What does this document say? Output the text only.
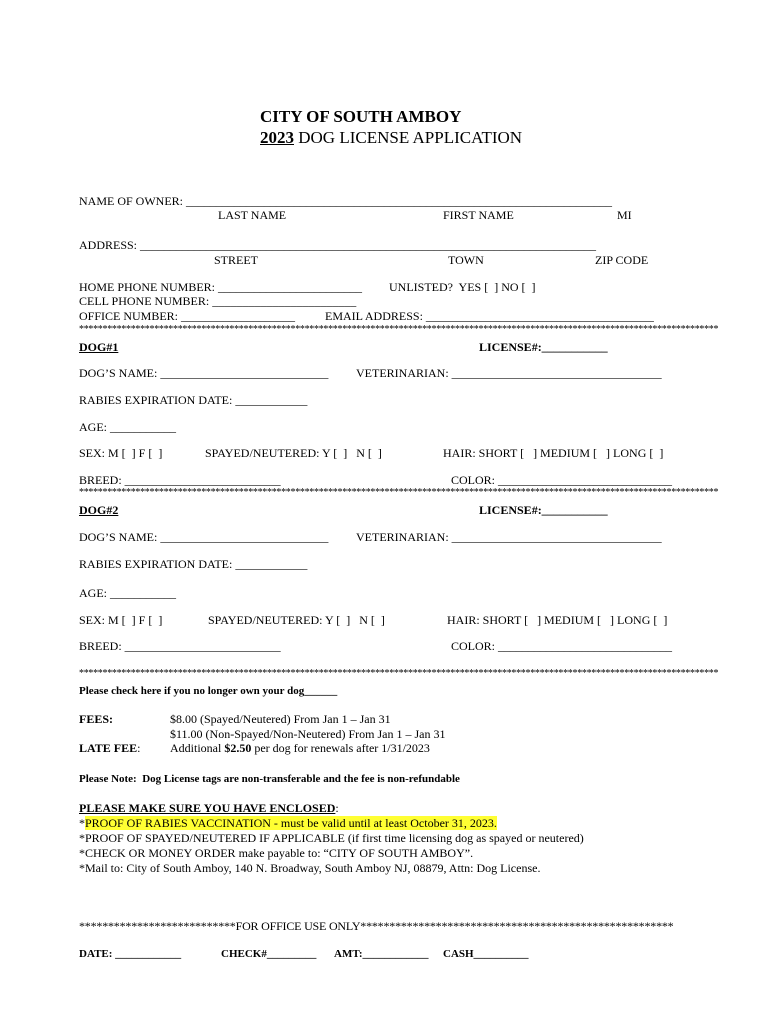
CITY OF SOUTH AMBOY
2023 DOG LICENSE APPLICATION
NAME OF OWNER: _______________________________________________________________________
LAST NAME	FIRST NAME	MI
ADDRESS: ____________________________________________________________________________
STREET	TOWN	ZIP CODE
HOME PHONE NUMBER: ________________________ UNLISTED?  YES [  ] NO [  ]
CELL PHONE NUMBER: ________________________
OFFICE NUMBER: ___________________ EMAIL ADDRESS: ______________________________________
****************************************************************************************************************************************
DOG#1	LICENSE#:___________
DOG’S NAME: ____________________________ VETERINARIAN: ___________________________________
RABIES EXPIRATION DATE: ____________
AGE: ___________
SEX: M [  ] F [  ]	SPAYED/NEUTERED: Y [  ]   N [  ]	HAIR: SHORT [   ] MEDIUM [   ] LONG [  ]
BREED: __________________________	COLOR: _____________________________
****************************************************************************************************************************************
DOG#2	LICENSE#:___________
DOG’S NAME: ____________________________ VETERINARIAN: ___________________________________
RABIES EXPIRATION DATE: ____________
AGE: ___________
SEX: M [  ] F [  ]	SPAYED/NEUTERED: Y [  ]   N [  ]	HAIR: SHORT [   ] MEDIUM [   ] LONG [  ]
BREED: __________________________	COLOR: _____________________________
****************************************************************************************************************************************
Please check here if you no longer own your dog______
FEES:	$8.00 (Spayed/Neutered) From Jan 1 – Jan 31
$11.00 (Non-Spayed/Non-Neutered) From Jan 1 – Jan 31
LATE FEE: Additional $2.50 per dog for renewals after 1/31/2023
Please Note:  Dog License tags are non-transferable and the fee is non-refundable
PLEASE MAKE SURE YOU HAVE ENCLOSED:
*PROOF OF RABIES VACCINATION - must be valid until at least October 31, 2023.
*PROOF OF SPAYED/NEUTERED IF APPLICABLE (if first time licensing dog as spayed or neutered)
*CHECK OR MONEY ORDER make payable to: “CITY OF SOUTH AMBOY”.
*Mail to: City of South Amboy, 140 N. Broadway, South Amboy NJ, 08879, Attn: Dog License.
***************************FOR OFFICE USE ONLY******************************************************
DATE: ____________	CHECK#_________ AMT:____________ CASH__________
